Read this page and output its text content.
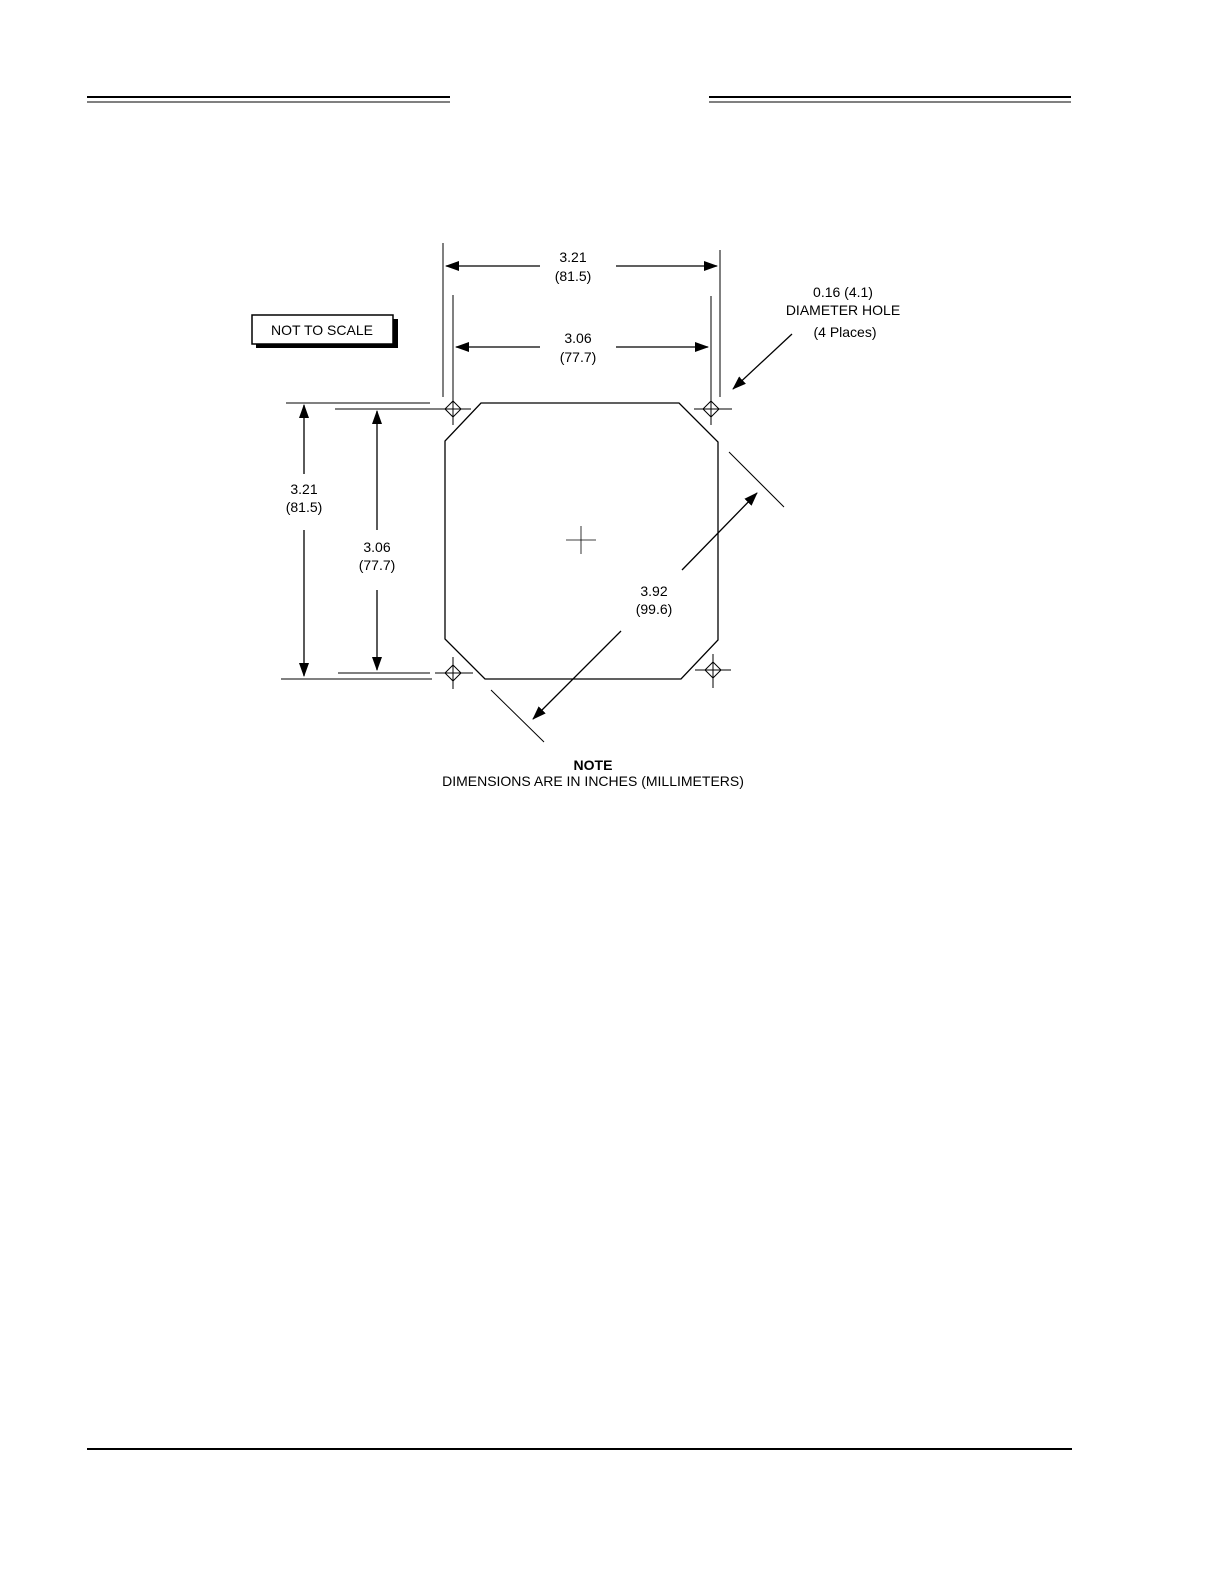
NOT TO SCALE
3.21
(81.5)
3.06
(77.7)
0.16 (4.1)
DIAMETER HOLE
(4 Places)
3.21
(81.5)
3.06
(77.7)
3.92
(99.6)
NOTE
DIMENSIONS ARE IN INCHES (MILLIMETERS)
